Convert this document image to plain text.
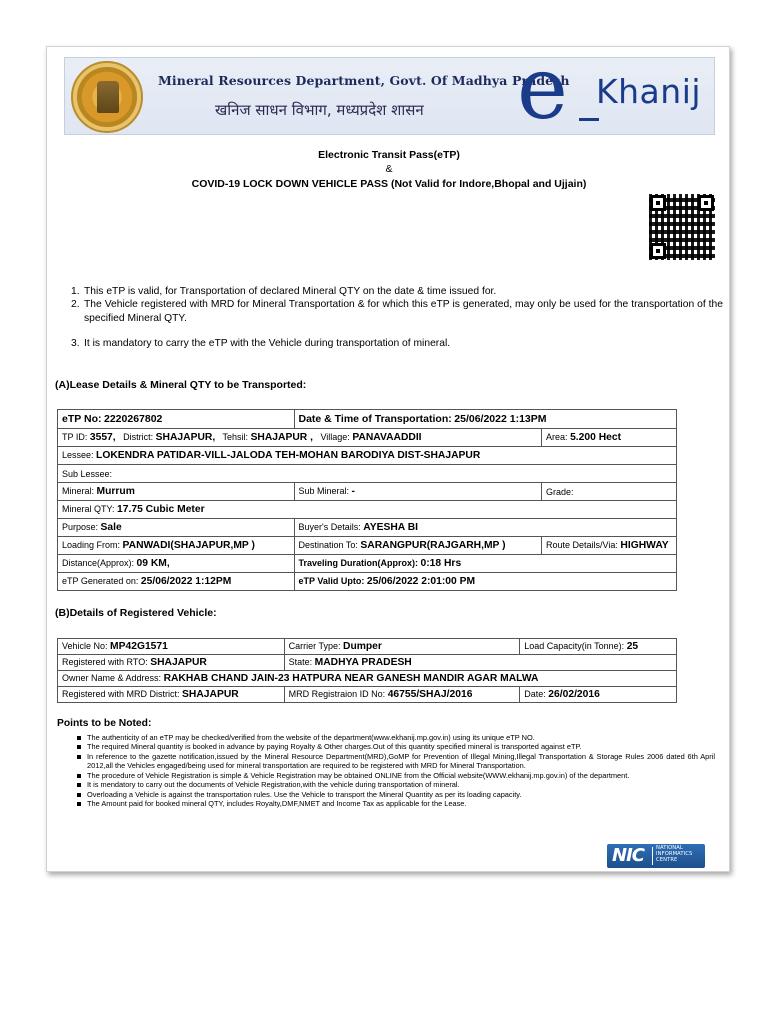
Mineral Resources Department, Govt. Of Madhya Pradesh
खनिज साधन विभाग, मध्यप्रदेश शासन e Khanij
Electronic Transit Pass(eTP)
&
COVID-19 LOCK DOWN VEHICLE PASS (Not Valid for Indore,Bhopal and Ujjain)
1. This eTP is valid, for Transportation of declared Mineral QTY on the date & time issued for.
2. The Vehicle registered with MRD for Mineral Transportation & for which this eTP is generated, may only be used for the transportation of the specified Mineral QTY.
3. It is mandatory to carry the eTP with the Vehicle during transportation of mineral.
(A)Lease Details & Mineral QTY to be Transported:
eTP No: 2220267802	Date & Time of Transportation: 25/06/2022 1:13PM	
TP ID: 3557, District: SHAJAPUR, Tehsil: SHAJAPUR , Village: PANAVAADDII		Area: 5.200 Hect
Lessee: LOKENDRA PATIDAR-VILL-JALODA TEH-MOHAN BARODIYA DIST-SHAJAPUR		
Sub Lessee:		
Mineral: Murrum	Sub Mineral: -	Grade:
Mineral QTY: 17.75 Cubic Meter		
Purpose: Sale	Buyer's Details: AYESHA BI	
Loading From: PANWADI(SHAJAPUR,MP )	Destination To: SARANGPUR(RAJGARH,MP )	Route Details/Via: HIGHWAY
Distance(Approx): 09 KM,	Traveling Duration(Approx): 0:18 Hrs	
eTP Generated on: 25/06/2022 1:12PM	eTP Valid Upto: 25/06/2022 2:01:00 PM	
(B)Details of Registered Vehicle:
Vehicle No: MP42G1571	Carrier Type: Dumper	Load Capacity(in Tonne): 25
Registered with RTO: SHAJAPUR	State: MADHYA PRADESH	
Owner Name & Address: RAKHAB CHAND JAIN-23 HATPURA NEAR GANESH MANDIR AGAR MALWA		
Registered with MRD District: SHAJAPUR	MRD Registraion ID No: 46755/SHAJ/2016	Date: 26/02/2016
Points to be Noted:
The authenticity of an eTP may be checked/verified from the website of the department(www.ekhanij.mp.gov.in) using its unique eTP NO.
The required Mineral quantity is booked in advance by paying Royalty & Other charges.Out of this quantity specified mineral is transported against eTP.
In reference to the gazette notification,issued by the Mineral Resource Department(MRD),GoMP for Prevention of Illegal Mining,Illegal Transportation & Storage Rules 2006 dated 6th April 2012,all the Vehicles engaged/being used for mineral transportation are required to be registered with MRD for Mineral Transportation.
The procedure of Vehicle Registration is simple & Vehicle Registration may be obtained ONLINE from the Official website(WWW.ekhanij.mp.gov.in) of the department.
It is mendatory to carry out the documents of Vehicle Registration,with the vehicle during transportation of mineral.
Overloading a Vehicle is against the transportation rules. Use the Vehicle to transport the Mineral Quantity as per its loading capacity.
The Amount paid for booked mineral QTY, includes Royalty,DMF,NMET and Income Tax as applicable for the Lease.
NIC NATIONAL
INFORMATICS
CENTRE
